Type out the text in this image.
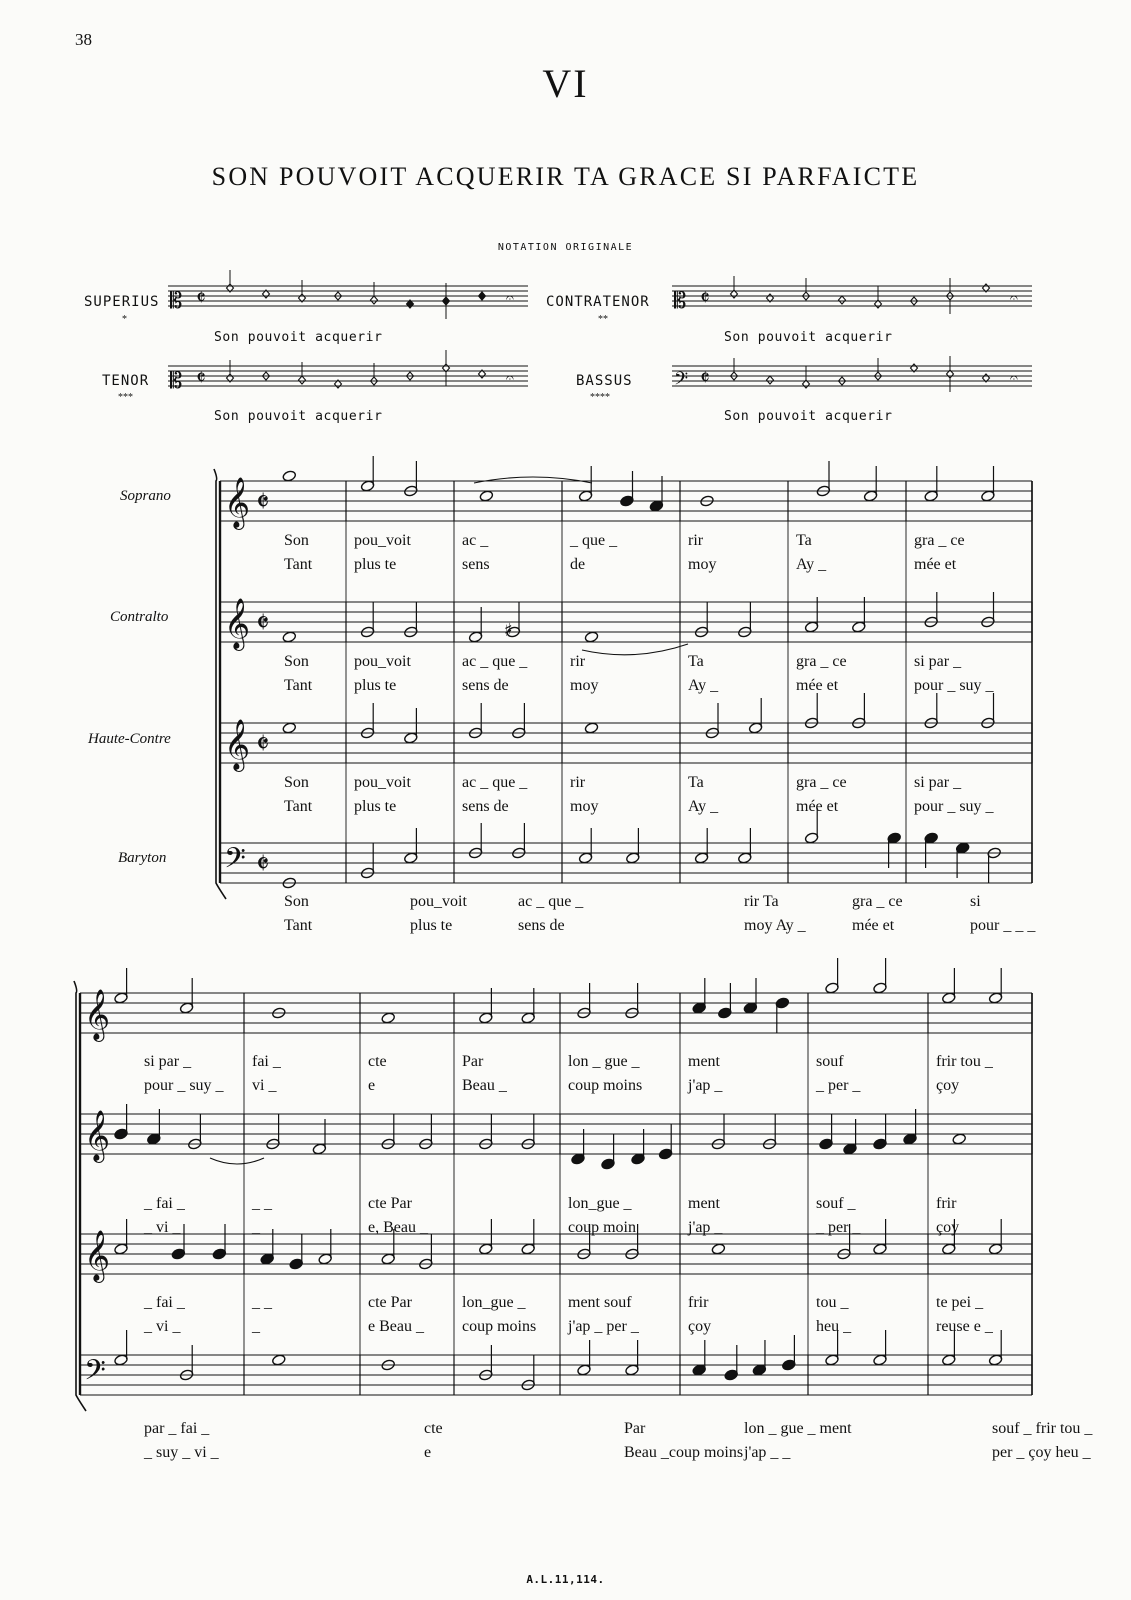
38
VI
SON POUVOIT ACQUERIR TA GRACE SI PARFAICTE
NOTATION ORIGINALE
SUPERIUS
*
Son pouvoit acquerir
CONTRATENOR
**
Son pouvoit acquerir
TENOR
***
Son pouvoit acquerir
BASSUS
****
Son pouvoit acquerir
Soprano
Contralto
Haute-Contre
Baryton
𝄡 𝄵	𝄐	𝄡 𝄵	𝄐
𝄡 𝄵	𝄐	𝄢 𝄵	𝄐
𝄞 𝄵
𝄞 𝄵
𝄞 𝄵
𝄢 𝄵
𝄞
𝄞
𝄞
𝄢
♯
Son	pou_voit	ac _	_ que _	rir	Ta	gra _ ce
Tant	plus te	sens	de	moy	Ay _	mée et
Son	pou_voit	ac _ que _	rir	Ta	gra _ ce	si par _
Tant	plus te	sens de	moy	Ay _	mée et	pour _ suy _
Son	pou_voit	ac _ que _	rir	Ta	gra _ ce	si par _
Tant	plus te	sens de	moy	Ay _	mée et	pour _ suy _
Son	pou_voit	ac _ que _	rir Ta	gra _ ce	si
Tant	plus te	sens de	moy Ay _	mée et	pour _ _ _
si par _	fai _	cte	Par	lon _ gue _	ment	souf	frir tou _
pour _ suy _ vi _	e	Beau _	coup moins	j'ap _	_ per _	çoy
_ fai _	_ _	cte Par	lon_gue _	ment	souf _	frir
_ vi _	_	e, Beau _	coup moin	j'ap _	_ per _	çoy
_ fai _	_ _	cte Par	lon_gue _	ment souf	frir	tou _	te pei _
_ vi _	_	e Beau _ coup moins j'ap _ per _	çoy	heu _	reuse e _
par _ fai _	cte	Par	lon _ gue _ ment	souf _ frir tou _
_ suy _ vi _	e	Beau _coup moins j'ap _ _	per _ çoy heu _
A.L.11,114.
